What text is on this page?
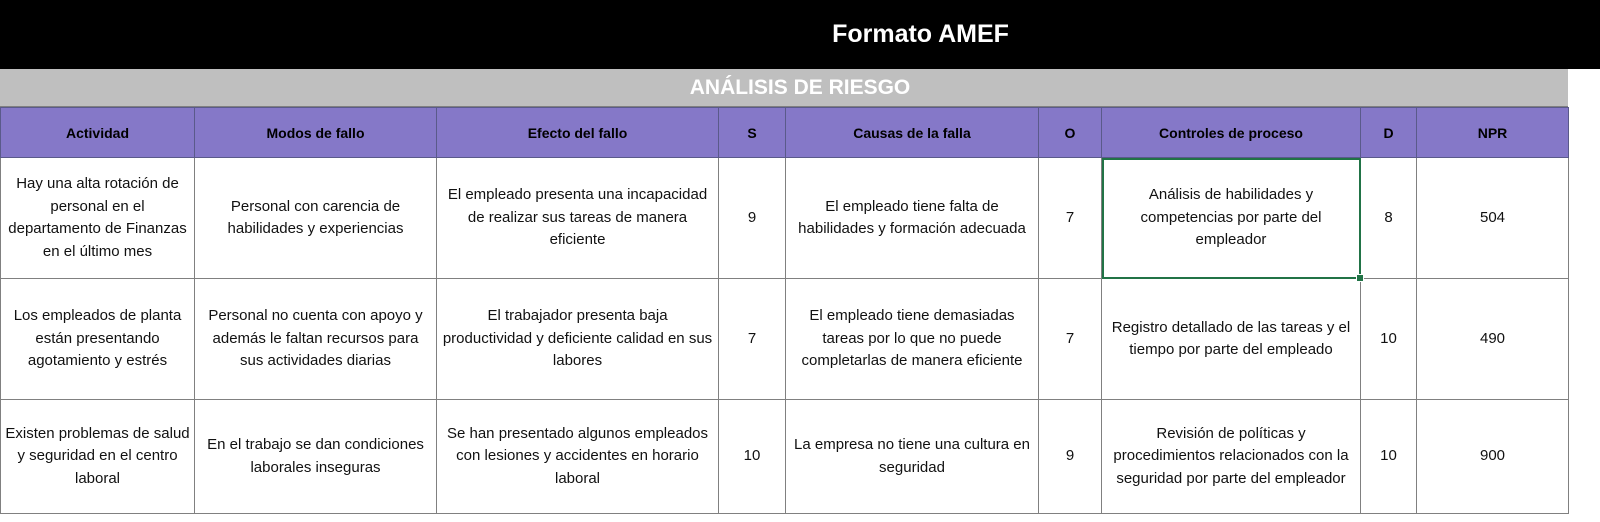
Formato AMEF
ANÁLISIS DE RIESGO
Actividad	Modos de fallo	Efecto del fallo	S	Causas de la falla	O	Controles de proceso	D	NPR
Hay una alta rotación de personal en el departamento de Finanzas en el último mes	Personal con carencia de habilidades y experiencias	El empleado presenta una incapacidad de realizar sus tareas de manera eficiente	9	El empleado tiene falta de habilidades y formación adecuada	7	Análisis de habilidades y competencias por parte del empleador	8	504
Los empleados de planta están presentando agotamiento y estrés	Personal no cuenta con apoyo y además le faltan recursos para sus actividades diarias	El trabajador presenta baja productividad y deficiente calidad en sus labores	7	El empleado tiene demasiadas tareas por lo que no puede completarlas de manera eficiente	7	Registro detallado de las tareas y el tiempo por parte del empleado	10	490
Existen problemas de salud y seguridad en el centro laboral	En el trabajo se dan condiciones laborales inseguras	Se han presentado algunos empleados con lesiones y accidentes en horario laboral	10	La empresa no tiene una cultura en seguridad	9	Revisión de políticas y procedimientos relacionados con la seguridad por parte del empleador	10	900
